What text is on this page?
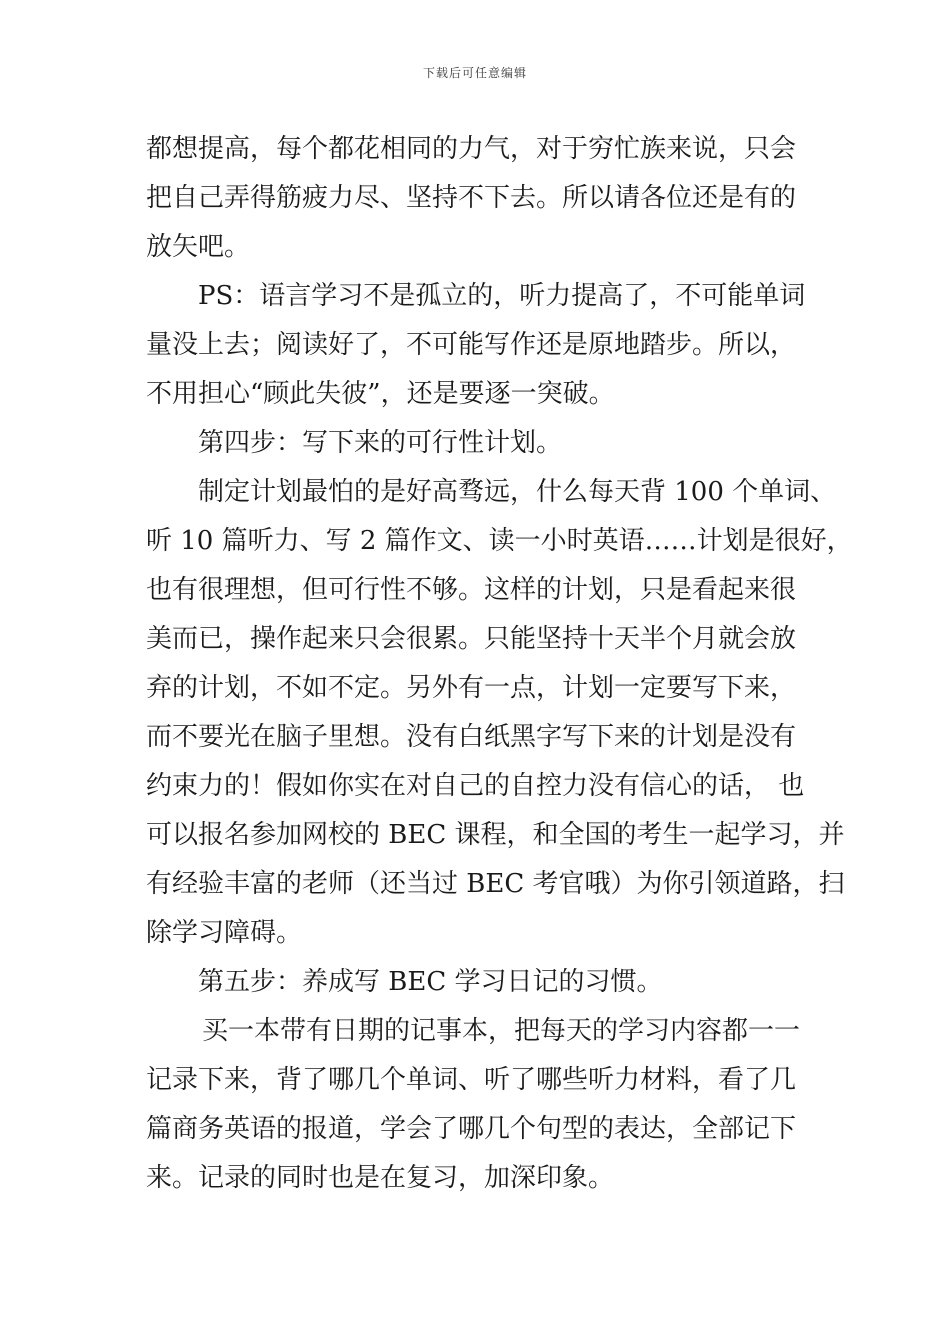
下载后可任意编辑
都想提高，每个都花相同的力气，对于穷忙族来说，只会
把自己弄得筋疲力尽、坚持不下去。所以请各位还是有的
放矢吧。
PS：语言学习不是孤立的，听力提高了，不可能单词
量没上去；阅读好了，不可能写作还是原地踏步。所以，
不用担心“顾此失彼”，还是要逐一突破。
第四步：写下来的可行性计划。
制定计划最怕的是好高骛远，什么每天背 100 个单词、
听 10 篇听力、写 2 篇作文、读一小时英语……计划是很好，
也有很理想，但可行性不够。这样的计划，只是看起来很
美而已，操作起来只会很累。只能坚持十天半个月就会放
弃的计划，不如不定。另外有一点，计划一定要写下来，
而不要光在脑子里想。没有白纸黑字写下来的计划是没有
约束力的！假如你实在对自己的自控力没有信心的话， 也
可以报名参加网校的 BEC 课程，和全国的考生一起学习，并
有经验丰富的老师（还当过 BEC 考官哦）为你引领道路，扫
除学习障碍。
第五步：养成写 BEC 学习日记的习惯。
买一本带有日期的记事本，把每天的学习内容都一一
记录下来，背了哪几个单词、听了哪些听力材料，看了几
篇商务英语的报道，学会了哪几个句型的表达，全部记下
来。记录的同时也是在复习，加深印象。
